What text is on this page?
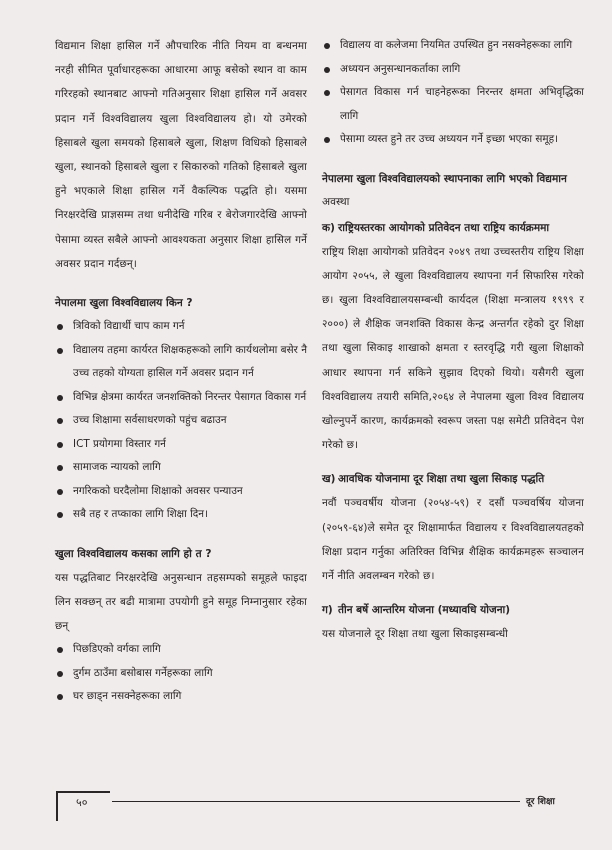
विद्यमान शिक्षा हासिल गर्ने औपचारिक नीति नियम वा बन्धनमा नरही सीमित पूर्वाधारहरूका आधारमा आफू बसेको स्थान वा काम गरिरहको स्थानबाट आफ्नो गतिअनुसार शिक्षा हासिल गर्ने अवसर प्रदान गर्ने विश्वविद्यालय खुला विश्वविद्यालय हो। यो उमेरको हिसाबले खुला समयको हिसाबले खुला, शिक्षण विधिको हिसाबले खुला, स्थानको हिसाबले खुला र सिकारुको गतिको हिसाबले खुला हुने भएकाले शिक्षा हासिल गर्ने वैकल्पिक पद्धति हो। यसमा निरक्षरदेखि प्राज्ञसम्म तथा धनीदेखि गरिब र बेरोजगारदेखि आफ्नो पेसामा व्यस्त सबैले आफ्नो आवश्यकता अनुसार शिक्षा हासिल गर्ने अवसर प्रदान गर्दछन्।

नेपालमा खुला विश्वविद्यालय किन ?
त्रिविको विद्यार्थी चाप काम गर्न
विद्यालय तहमा कार्यरत शिक्षकहरूको लागि कार्यथलोमा बसेर नै उच्च तहको योग्यता हासिल गर्ने अवसर प्रदान गर्न
विभिन्न क्षेत्रमा कार्यरत जनशक्तिको निरन्तर पेसागत विकास गर्न
उच्च शिक्षामा सर्वसाधरणको पहुंच बढाउन
ICT प्रयोगमा विस्तार गर्न
सामाजक न्यायको लागि
नगरिकको घरदैलोमा शिक्षाको अवसर पन्याउन
सबै तह र तप्काका लागि शिक्षा दिन।
खुला विश्वविद्यालय कसका लागि हो त ?

यस पद्धतिबाट निरक्षरदेखि अनुसन्धान तहसम्पको समूहले फाइदा लिन सक्छन् तर बढी मात्रामा उपयोगी हुने समूह निम्नानुसार रहेका छन्

पिछडिएको वर्गका लागि
दुर्गम ठाउँमा बसोबास गर्नेहरूका लागि
घर छाड्न नसक्नेहरूका लागि
विद्यालय वा कलेजमा नियमित उपस्थित हुन नसक्नेहरूका लागि
अध्ययन अनुसन्धानकर्ताका लागि
पेसागत विकास गर्न चाहनेहरूका निरन्तर क्षमता अभिवृद्धिका लागि
पेसामा व्यस्त हुने तर उच्च अध्ययन गर्ने इच्छा भएका समूह।
नेपालमा खुला विश्वविद्यालयको स्थापनाका लागि भएको विद्यमान अवस्था
क) राष्ट्रियस्तरका आयोगको प्रतिवेदन तथा राष्ट्रिय कार्यक्रममा

राष्ट्रिय शिक्षा आयोगको प्रतिवेदन २०४९ तथा उच्चस्तरीय राष्ट्रिय शिक्षा आयोग २०५५, ले खुला विश्वविद्यालय स्थापना गर्न सिफारिस गरेको छ। खुला विश्वविद्यालयसम्बन्धी कार्यदल (शिक्षा मन्त्रालय १९९९ र २०००) ले शैक्षिक जनशक्ति विकास केन्द्र अन्तर्गत रहेको दुर शिक्षा तथा खुला सिकाइ शाखाको क्षमता र स्तरवृद्धि गरी खुला शिक्षाको आधार स्थापना गर्न सकिने सुझाव दिएको थियो। यसैगरी खुला विश्वविद्यालय तयारी समिति,२०६४ ले नेपालमा खुला विश्व विद्यालय खोल्नुपर्ने कारण, कार्यक्रमको स्वरूप जस्ता पक्ष समेटी प्रतिवेदन पेश गरेको छ।

ख) आवधिक योजनामा दूर शिक्षा तथा खुला सिकाइ पद्धति

नवौं पञ्चवर्षीय योजना (२०५४-५९) र दसौं पञ्चवर्षिय योजना (२०५९-६४)ले समेत दूर शिक्षामार्फत विद्यालय र विश्वविद्यालयतहको शिक्षा प्रदान गर्नुका अतिरिक्त विभिन्न शैक्षिक कार्यक्रमहरू सञ्चालन गर्ने नीति अवलम्बन गरेको छ।

ग) तीन बर्षे आन्तरिम योजना (मध्यावधि योजना)

यस योजनाले दूर शिक्षा तथा खुला सिकाइसम्बन्धी

५०	दूर शिक्षा
